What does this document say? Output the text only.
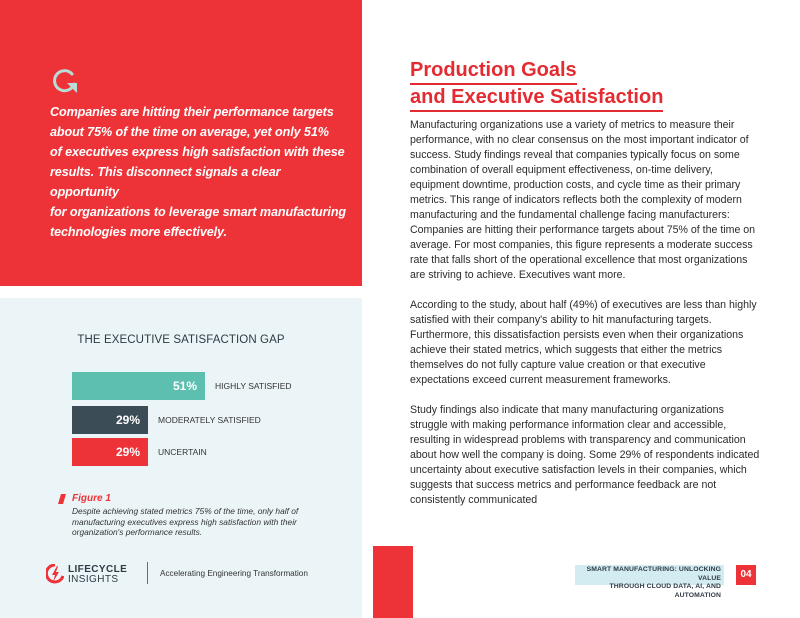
Companies are hitting their performance targets
about 75% of the time on average, yet only 51%
of executives express high satisfaction with these
results. This disconnect signals a clear opportunity
for organizations to leverage smart manufacturing
technologies more effectively.
THE EXECUTIVE SATISFACTION GAP
51% HIGHLY SATISFIED
29% MODERATELY SATISFIED
29% UNCERTAIN
Figure 1
Despite achieving stated metrics 75% of the time, only half of
manufacturing executives express high satisfaction with their
organization's performance results.
LIFECYCLE
INSIGHTS	Accelerating Engineering Transformation
Production Goals
and Executive Satisfaction

Manufacturing organizations use a variety of metrics to measure their performance, with no clear consensus on the most important indicator of success. Study findings reveal that companies typically focus on some combination of overall equipment effectiveness, on-time delivery, equipment downtime, production costs, and cycle time as their primary metrics. This range of indicators reflects both the complexity of modern manufacturing and the fundamental challenge facing manufacturers: Companies are hitting their performance targets about 75% of the time on average. For most companies, this figure represents a moderate success rate that falls short of the operational excellence that most organizations are striving to achieve. Executives want more.

According to the study, about half (49%) of executives are less than highly satisfied with their company's ability to hit manufacturing targets. Furthermore, this dissatisfaction persists even when their organizations achieve their stated metrics, which suggests that either the metrics themselves do not fully capture value creation or that executive expectations exceed current measurement frameworks.

Study findings also indicate that many manufacturing organizations struggle with making performance information clear and accessible, resulting in widespread problems with transparency and communication about how well the company is doing. Some 29% of respondents indicated uncertainty about executive satisfaction levels in their companies, which suggests that success metrics and performance feedback are not consistently communicated

SMART MANUFACTURING: UNLOCKING VALUE
THROUGH CLOUD DATA, AI, AND AUTOMATION
04
